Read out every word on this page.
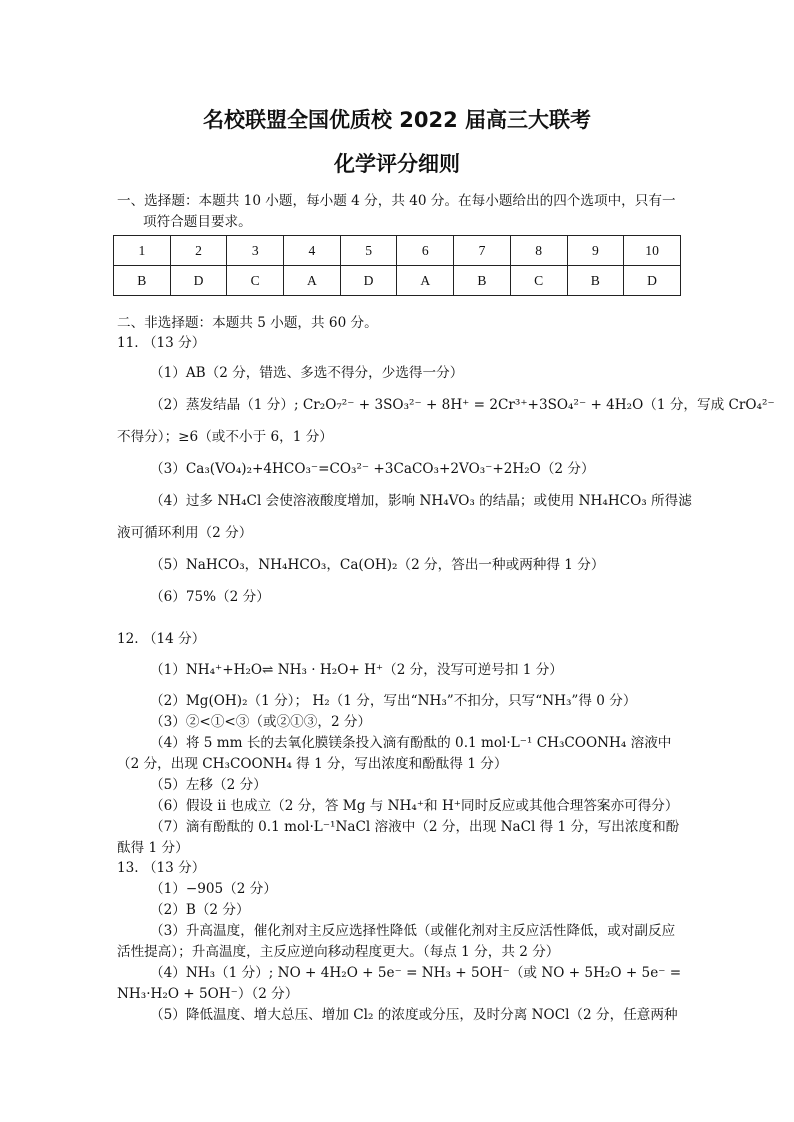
名校联盟全国优质校 2022 届高三大联考
化学评分细则
一、选择题：本题共 10 小题，每小题 4 分，共 40 分。在每小题给出的四个选项中，只有一
项符合题目要求。
1	2	3	4	5	6	7	8	9	10
B	D	C	A	D	A	B	C	B	D
二、非选择题：本题共 5 小题，共 60 分。
11. （13 分）
（1）AB（2 分，错选、多选不得分，少选得一分）
（2）蒸发结晶（1 分）; Cr₂O₇²⁻ + 3SO₃²⁻ + 8H⁺ = 2Cr³⁺+3SO₄²⁻ + 4H₂O（1 分，写成 CrO₄²⁻
不得分）；≥6（或不小于 6，1 分）
（3）Ca₃(VO₄)₂+4HCO₃⁻=CO₃²⁻ +3CaCO₃+2VO₃⁻+2H₂O（2 分）
（4）过多 NH₄Cl 会使溶液酸度增加，影响 NH₄VO₃ 的结晶；或使用 NH₄HCO₃ 所得滤
液可循环利用（2 分）
（5）NaHCO₃，NH₄HCO₃，Ca(OH)₂（2 分，答出一种或两种得 1 分）
（6）75%（2 分）
12. （14 分）
（1）NH₄⁺+H₂O⇌ NH₃ · H₂O+ H⁺（2 分，没写可逆号扣 1 分）
（2）Mg(OH)₂（1 分）； H₂（1 分，写出“NH₃”不扣分，只写“NH₃”得 0 分）
（3）②<①<③（或②①③，2 分）
（4）将 5 mm 长的去氧化膜镁条投入滴有酚酞的 0.1 mol·L⁻¹ CH₃COONH₄ 溶液中（2 分，出现 CH₃COONH₄ 得 1 分，写出浓度和酚酞得 1 分）
（5）左移（2 分）
（6）假设 ii 也成立（2 分，答 Mg 与 NH₄⁺和 H⁺同时反应或其他合理答案亦可得分）
（7）滴有酚酞的 0.1 mol·L⁻¹NaCl 溶液中（2 分，出现 NaCl 得 1 分，写出浓度和酚酞得 1 分）
13. （13 分）
（1）−905（2 分）
（2）B（2 分）
（3）升高温度，催化剂对主反应选择性降低（或催化剂对主反应活性降低，或对副反应活性提高）；升高温度，主反应逆向移动程度更大。（每点 1 分，共 2 分）
（4）NH₃（1 分）; NO + 4H₂O + 5e⁻ = NH₃ + 5OH⁻（或 NO + 5H₂O + 5e⁻ = NH₃·H₂O + 5OH⁻）（2 分）
（5）降低温度、增大总压、增加 Cl₂ 的浓度或分压，及时分离 NOCl（2 分，任意两种
